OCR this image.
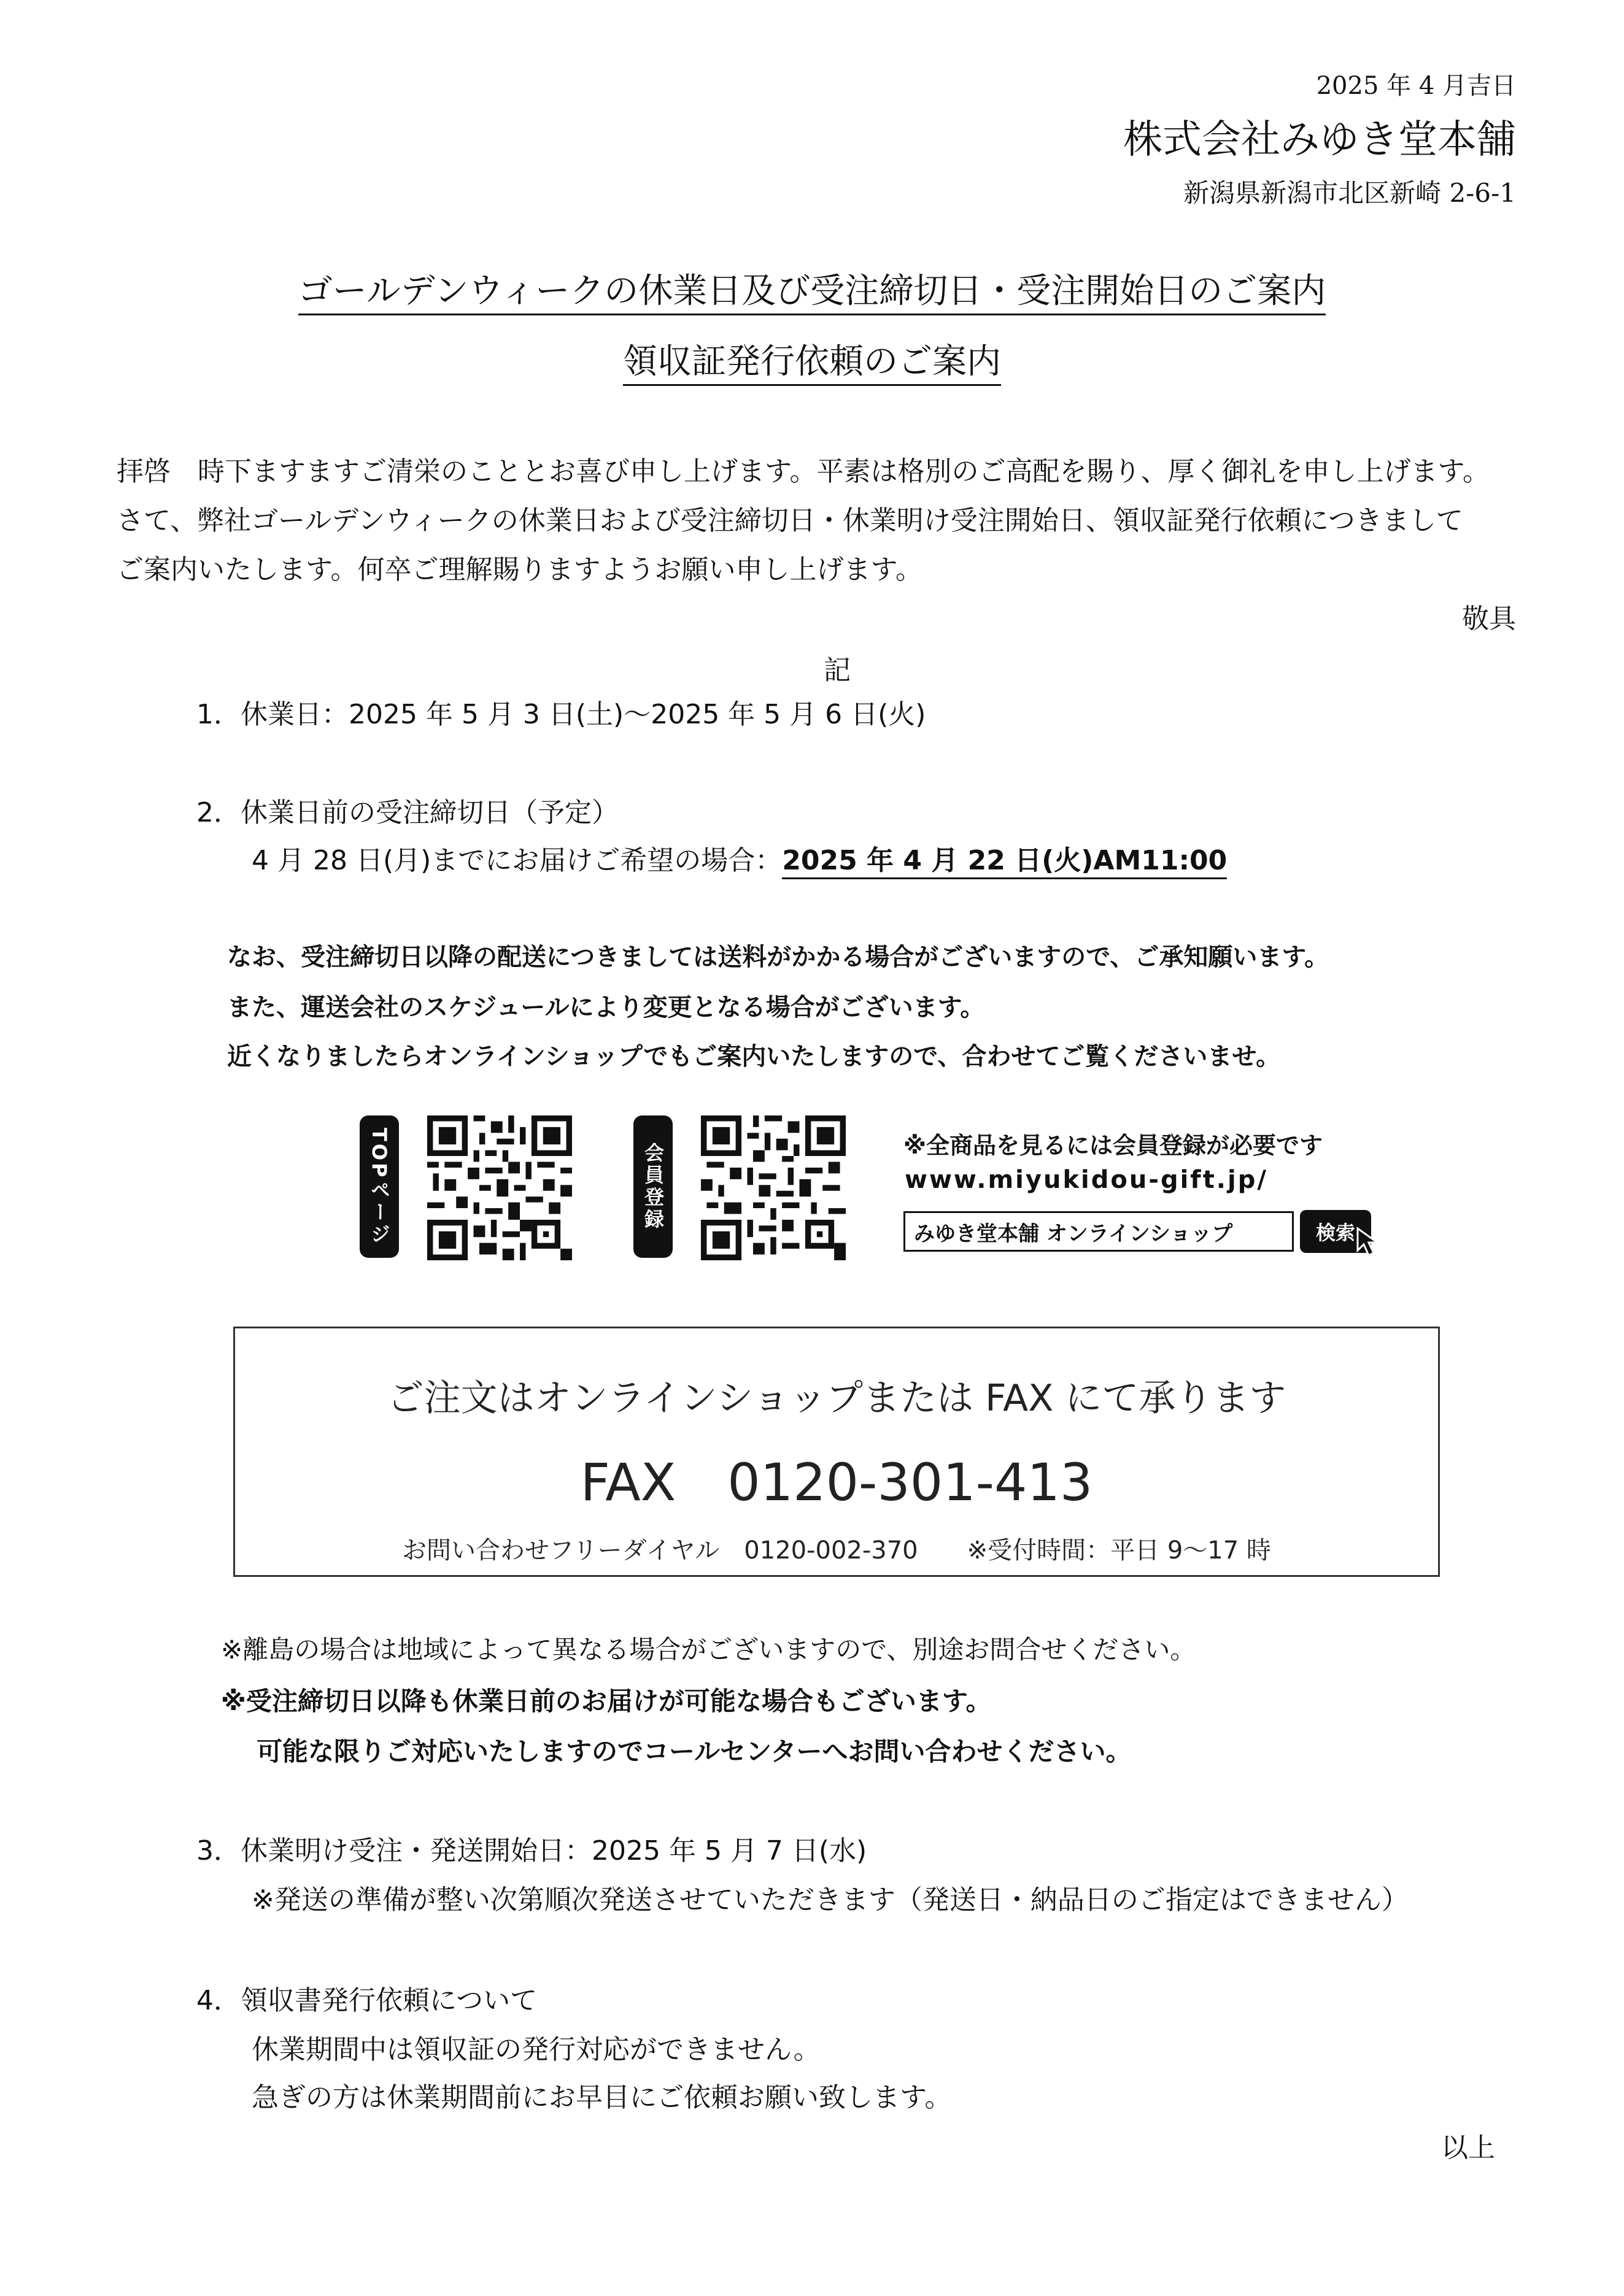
2025 年 4 月吉日
株式会社みゆき堂本舗
新潟県新潟市北区新崎 2-6-1
ゴールデンウィークの休業日及び受注締切日・受注開始日のご案内
領収証発行依頼のご案内
拝啓　時下ますますご清栄のこととお喜び申し上げます。平素は格別のご高配を賜り、厚く御礼を申し上げます。
さて、弊社ゴールデンウィークの休業日および受注締切日・休業明け受注開始日、領収証発行依頼につきまして
ご案内いたします。何卒ご理解賜りますようお願い申し上げます。
敬具
記
1．休業日：2025 年 5 月 3 日(土)～2025 年 5 月 6 日(火)
2．休業日前の受注締切日（予定）
4 月 28 日(月)までにお届けご希望の場合：2025 年 4 月 22 日(火)AM11:00
なお、受注締切日以降の配送につきましては送料がかかる場合がございますので、ご承知願います。
また、運送会社のスケジュールにより変更となる場合がございます。
近くなりましたらオンラインショップでもご案内いたしますので、合わせてご覧くださいませ。
TOPページ	会員登録	※全商品を見るには会員登録が必要です
www.miyukidou-gift.jp/
みゆき堂本舗 オンラインショップ	検索
ご注文はオンラインショップまたは FAX にて承ります
FAX　0120-301-413
お問い合わせフリーダイヤル　0120-002-370　　※受付時間：平日 9～17 時
※離島の場合は地域によって異なる場合がございますので、別途お問合せください。
※受注締切日以降も休業日前のお届けが可能な場合もございます。
可能な限りご対応いたしますのでコールセンターへお問い合わせください。
3．休業明け受注・発送開始日：2025 年 5 月 7 日(水)
※発送の準備が整い次第順次発送させていただきます（発送日・納品日のご指定はできません）
4．領収書発行依頼について
休業期間中は領収証の発行対応ができません。
急ぎの方は休業期間前にお早目にご依頼お願い致します。
以上
